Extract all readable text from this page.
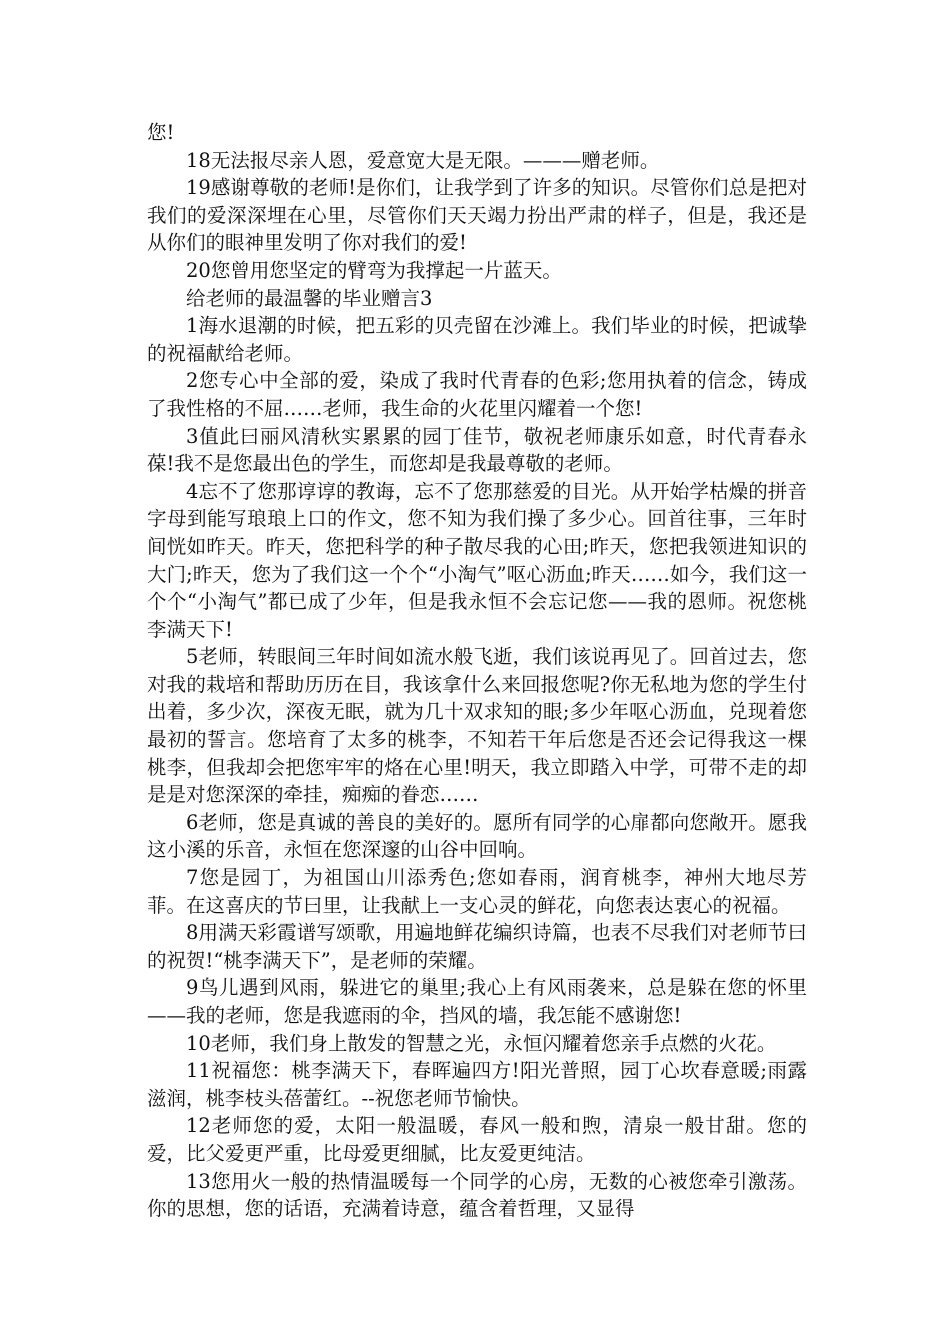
您!

18无法报尽亲人恩，爱意宽大是无限。———赠老师。

19感谢尊敬的老师!是你们，让我学到了许多的知识。尽管你们总是把对我们的爱深深埋在心里，尽管你们天天竭力扮出严肃的样子，但是，我还是从你们的眼神里发明了你对我们的爱!

20您曾用您坚定的臂弯为我撑起一片蓝天。

给老师的最温馨的毕业赠言3

1海水退潮的时候，把五彩的贝壳留在沙滩上。我们毕业的时候，把诚挚的祝福献给老师。

2您专心中全部的爱，染成了我时代青春的色彩;您用执着的信念，铸成了我性格的不屈……老师，我生命的火花里闪耀着一个您!

3值此曰丽风清秋实累累的园丁佳节，敬祝老师康乐如意，时代青春永葆!我不是您最出色的学生，而您却是我最尊敬的老师。

4忘不了您那谆谆的教诲，忘不了您那慈爱的目光。从开始学枯燥的拼音字母到能写琅琅上口的作文，您不知为我们操了多少心。回首往事，三年时间恍如昨天。昨天，您把科学的种子散尽我的心田;昨天，您把我领进知识的大门;昨天，您为了我们这一个个“小淘气”呕心沥血;昨天……如今，我们这一个个“小淘气”都已成了少年，但是我永恒不会忘记您——我的恩师。祝您桃李满天下!

5老师，转眼间三年时间如流水般飞逝，我们该说再见了。回首过去，您对我的栽培和帮助历历在目，我该拿什么来回报您呢?你无私地为您的学生付出着，多少次，深夜无眠，就为几十双求知的眼;多少年呕心沥血，兑现着您最初的誓言。您培育了太多的桃李，不知若干年后您是否还会记得我这一棵桃李，但我却会把您牢牢的烙在心里!明天，我立即踏入中学，可带不走的却是是对您深深的牵挂，痴痴的眷恋……

6老师，您是真诚的善良的美好的。愿所有同学的心扉都向您敞开。愿我这小溪的乐音，永恒在您深邃的山谷中回响。

7您是园丁，为祖国山川添秀色;您如春雨，润育桃李，神州大地尽芳菲。在这喜庆的节曰里，让我献上一支心灵的鲜花，向您表达衷心的祝福。

8用满天彩霞谱写颂歌，用遍地鲜花编织诗篇，也表不尽我们对老师节曰的祝贺!“桃李满天下”，是老师的荣耀。

9鸟儿遇到风雨，躲进它的巢里;我心上有风雨袭来，总是躲在您的怀里——我的老师，您是我遮雨的伞，挡风的墙，我怎能不感谢您!

10老师，我们身上散发的智慧之光，永恒闪耀着您亲手点燃的火花。

11祝福您：桃李满天下，春晖遍四方!阳光普照，园丁心坎春意暖;雨露滋润，桃李枝头蓓蕾红。--祝您老师节愉快。

12老师您的爱，太阳一般温暖，春风一般和煦，清泉一般甘甜。您的爱，比父爱更严重，比母爱更细腻，比友爱更纯洁。

13您用火一般的热情温暖每一个同学的心房，无数的心被您牵引激荡。你的思想，您的话语，充满着诗意，蕴含着哲理，又显得
